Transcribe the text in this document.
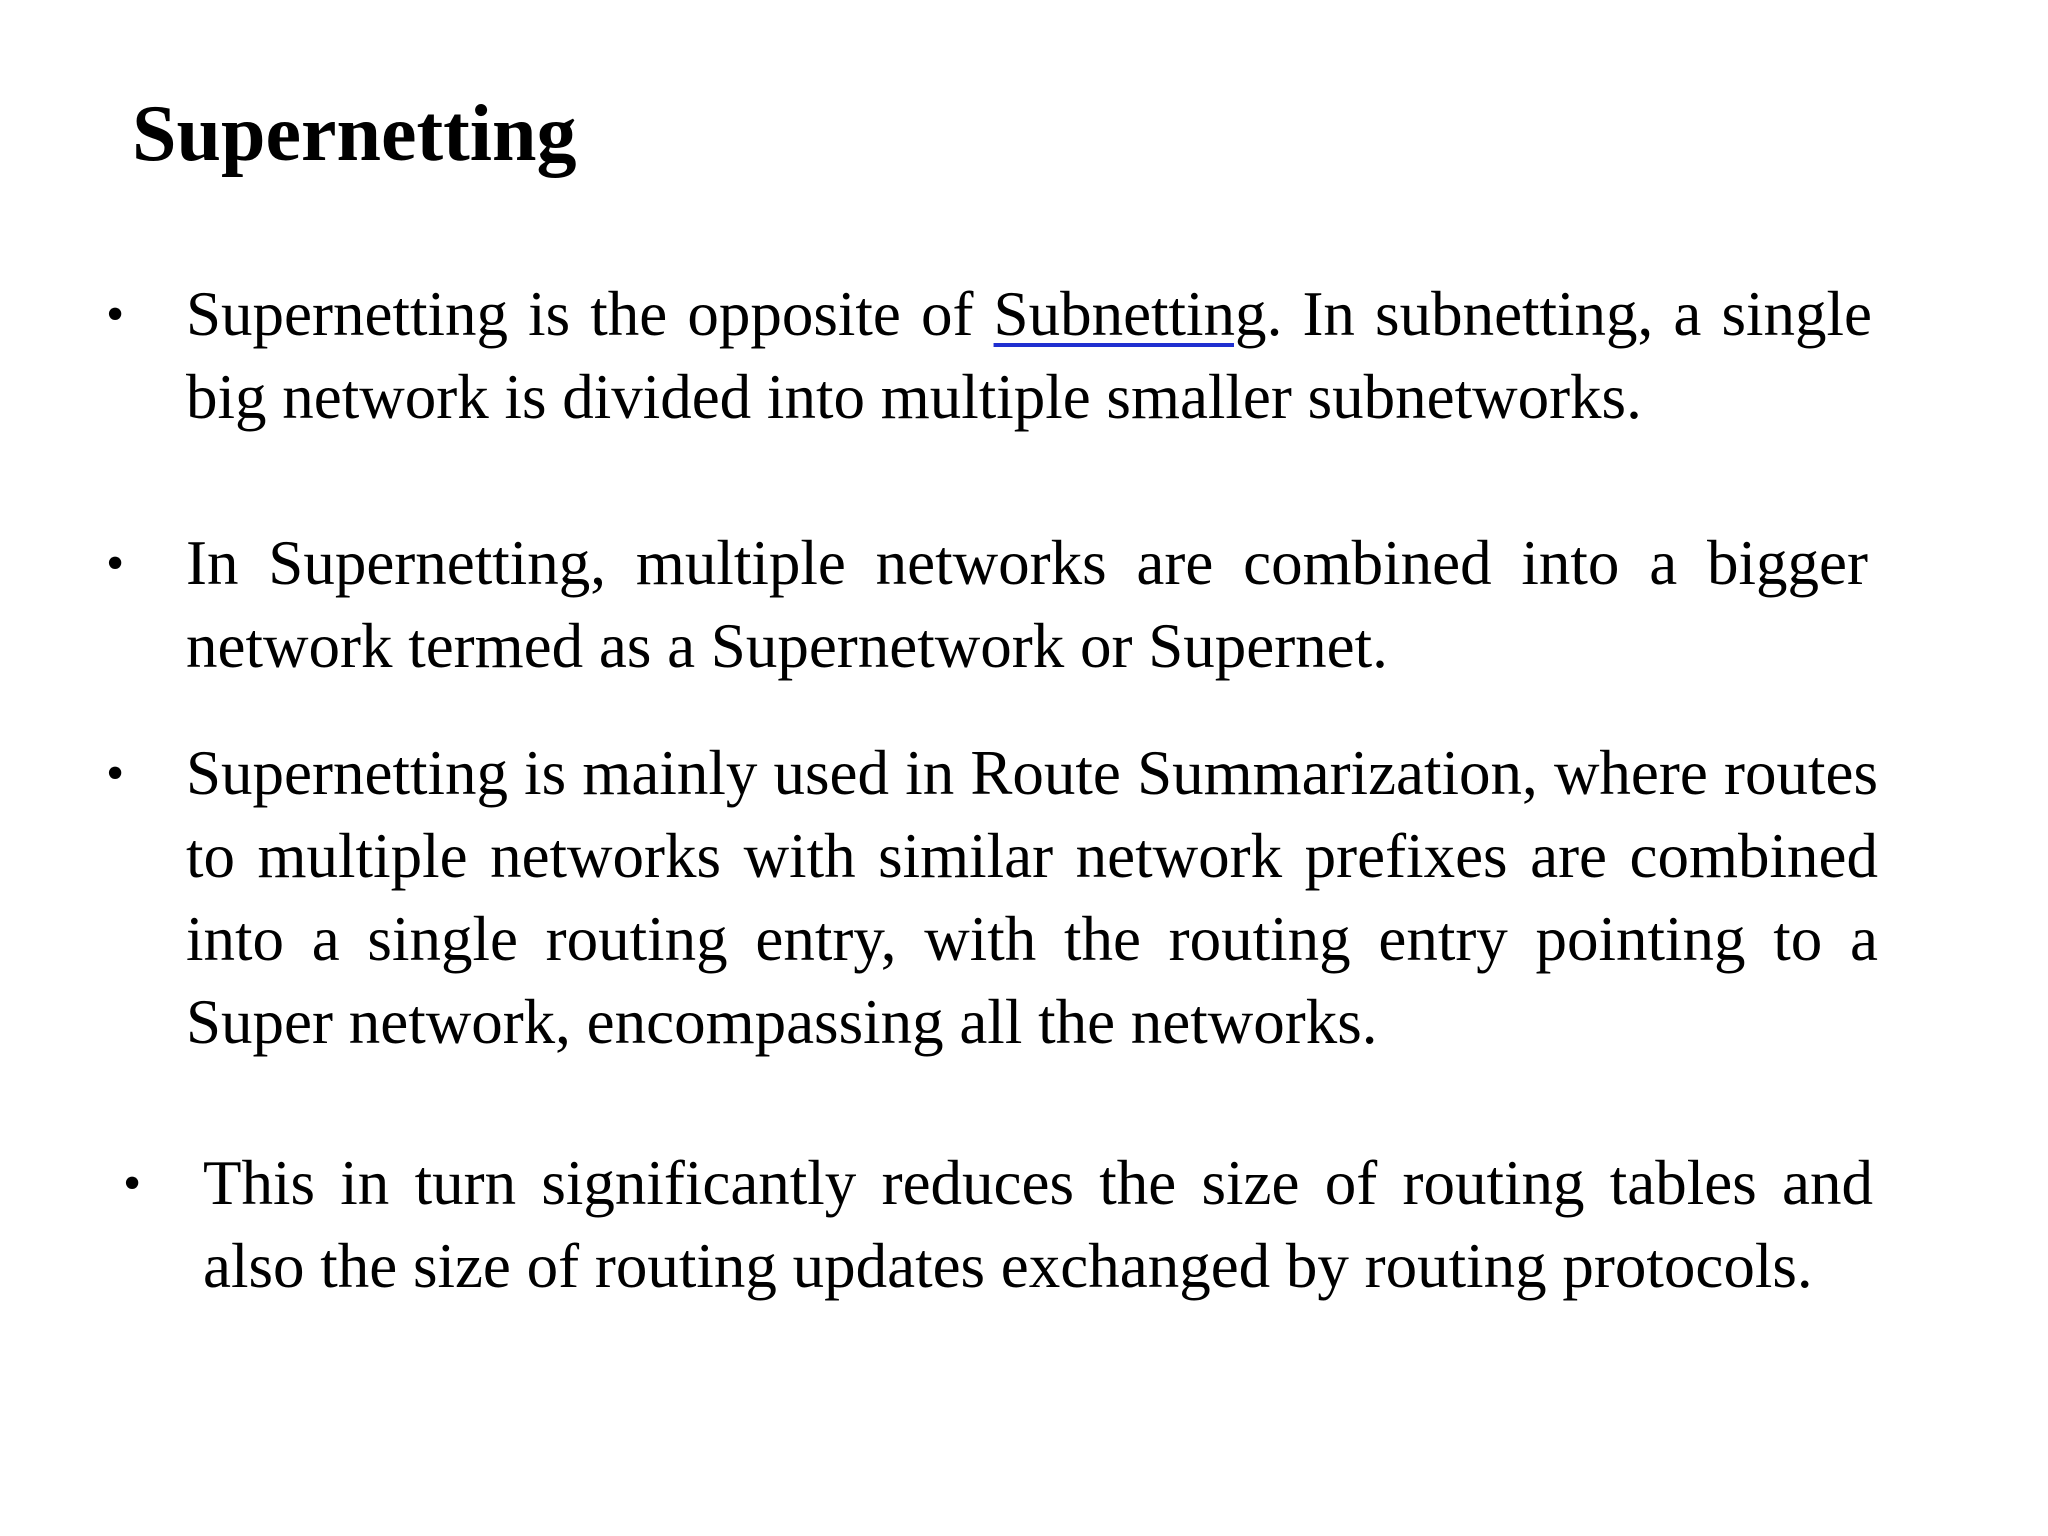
Supernetting

• Supernetting is the opposite of Subnetting. In subnetting, a single big network is divided into multiple smaller subnetworks.

• In Supernetting, multiple networks are combined into a bigger network termed as a Supernetwork or Supernet.

• Supernetting is mainly used in Route Summarization, where routes to multiple networks with similar network prefixes are combined into a single routing entry, with the routing entry pointing to a Super network, encompassing all the networks.

• This in turn significantly reduces the size of routing tables and also the size of routing updates exchanged by routing protocols.
